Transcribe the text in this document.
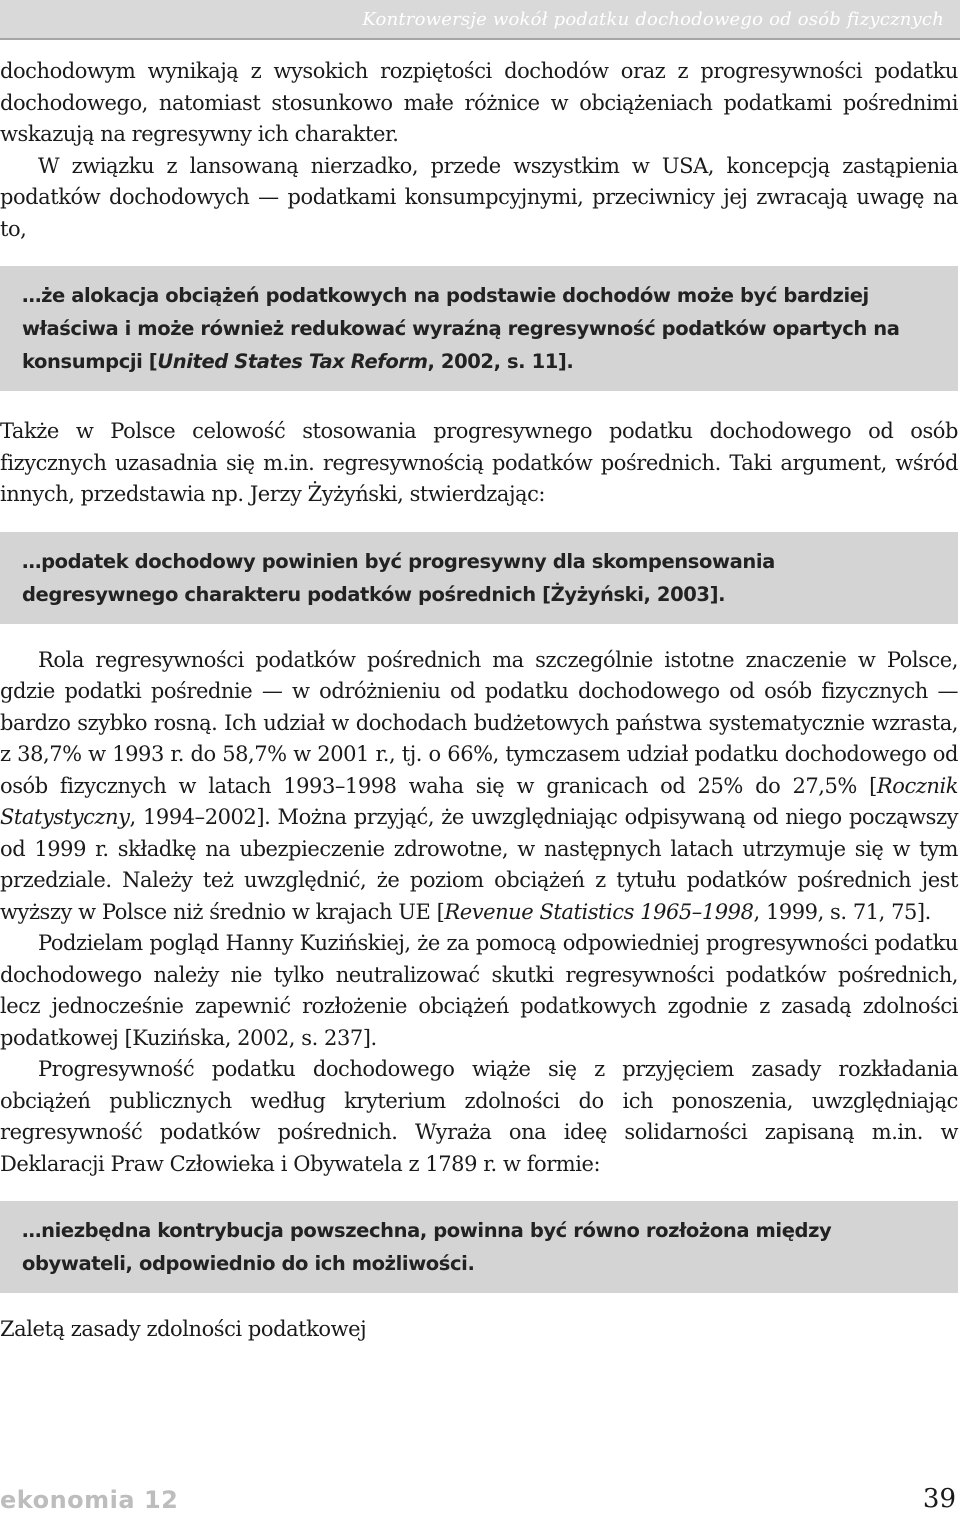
Kontrowersje wokół podatku dochodowego od osób fizycznych

dochodowym wynikają z wysokich rozpiętości dochodów oraz z progresywności podatku dochodowego, natomiast stosunkowo małe różnice w obciążeniach podatkami pośrednimi wskazują na regresywny ich charakter.

W związku z lansowaną nierzadko, przede wszystkim w USA, koncepcją zastąpienia podatków dochodowych — podatkami konsumpcyjnymi, przeciwnicy jej zwracają uwagę na to,

…że alokacja obciążeń podatkowych na podstawie dochodów może być bardziej właściwa i może również redukować wyraźną regresywność podatków opartych na konsumpcji [United States Tax Reform, 2002, s. 11].

Także w Polsce celowość stosowania progresywnego podatku dochodowego od osób fizycznych uzasadnia się m.in. regresywnością podatków pośrednich. Taki argument, wśród innych, przedstawia np. Jerzy Żyżyński, stwierdzając:

…podatek dochodowy powinien być progresywny dla skompensowania degresywnego charakteru podatków pośrednich [Żyżyński, 2003].

Rola regresywności podatków pośrednich ma szczególnie istotne znaczenie w Polsce, gdzie podatki pośrednie — w odróżnieniu od podatku dochodowego od osób fizycznych — bardzo szybko rosną. Ich udział w dochodach budżetowych państwa systematycznie wzrasta, z 38,7% w 1993 r. do 58,7% w 2001 r., tj. o 66%, tymczasem udział podatku dochodowego od osób fizycznych w latach 1993–1998 waha się w granicach od 25% do 27,5% [Rocznik Statystyczny, 1994–2002]. Można przyjąć, że uwzględniając odpisywaną od niego począwszy od 1999 r. składkę na ubezpieczenie zdrowotne, w następnych latach utrzymuje się w tym przedziale. Należy też uwzględnić, że poziom obciążeń z tytułu podatków pośrednich jest wyższy w Polsce niż średnio w krajach UE [Revenue Statistics 1965–1998, 1999, s. 71, 75].

Podzielam pogląd Hanny Kuzińskiej, że za pomocą odpowiedniej progresywności podatku dochodowego należy nie tylko neutralizować skutki regresywności podatków pośrednich, lecz jednocześnie zapewnić rozłożenie obciążeń podatkowych zgodnie z zasadą zdolności podatkowej [Kuzińska, 2002, s. 237].

Progresywność podatku dochodowego wiąże się z przyjęciem zasady rozkładania obciążeń publicznych według kryterium zdolności do ich ponoszenia, uwzględniając regresywność podatków pośrednich. Wyraża ona ideę solidarności zapisaną m.in. w Deklaracji Praw Człowieka i Obywatela z 1789 r. w formie:

…niezbędna kontrybucja powszechna, powinna być równo rozłożona między obywateli, odpowiednio do ich możliwości.

Zaletą zasady zdolności podatkowej

ekonomia 12	39
